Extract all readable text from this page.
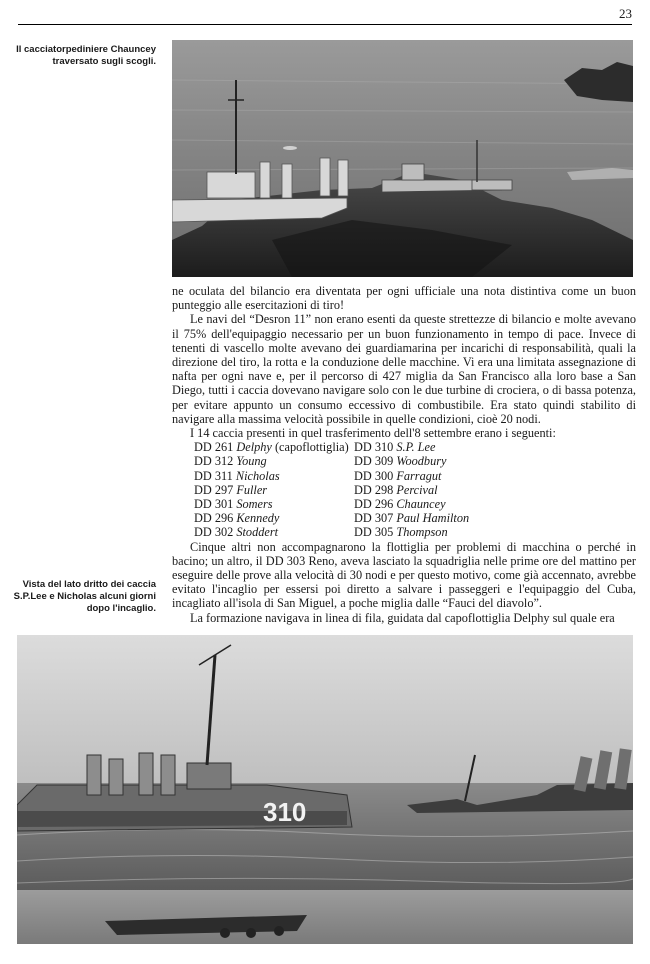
23
Il cacciatorpediniere Chauncey traversato sugli scogli.

ne oculata del bilancio era diventata per ogni ufficiale una nota distintiva come un buon punteggio alle esercitazioni di tiro!

Le navi del “Desron 11” non erano esenti da queste strettezze di bilancio e molte avevano il 75% dell'equipaggio necessario per un buon funzionamento in tempo di pace. Invece di tenenti di vascello molte avevano dei guardiamarina per incarichi di responsabilità, quali la direzione del tiro, la rotta e la conduzione delle macchine. Vi era una limitata assegnazione di nafta per ogni nave e, per il percorso di 427 miglia da San Francisco alla loro base a San Diego, tutti i caccia dovevano navigare solo con le due turbine di crociera, o di bassa potenza, per evitare appunto un consumo eccessivo di combustibile. Era stato quindi stabilito di navigare alla massima velocità possibile in quelle condizioni, cioè 20 nodi.

I 14 caccia presenti in quel trasferimento dell'8 settembre erano i seguenti:

DD 261 Delphy (capoflottiglia) DD 310 S.P. Lee
DD 312 Young	DD 309 Woodbury
DD 311 Nicholas	DD 300 Farragut
DD 297 Fuller	DD 298 Percival
DD 301 Somers	DD 296 Chauncey
DD 296 Kennedy	DD 307 Paul Hamilton
DD 302 Stoddert	DD 305 Thompson

Cinque altri non accompagnarono la flottiglia per problemi di macchina o perché in bacino; un altro, il DD 303 Reno, aveva lasciato la squadriglia nelle prime ore del mattino per eseguire delle prove alla velocità di 30 nodi e per questo motivo, come già accennato, avrebbe evitato l'incaglio per essersi poi diretto a salvare i passeggeri e l'equipaggio del Cuba, incagliato all'isola di San Miguel, a poche miglia dalle “Fauci del diavolo”.

La formazione navigava in linea di fila, guidata dal capoflottiglia Delphy sul quale era

Vista del lato dritto dei caccia S.P.Lee e Nicholas alcuni giorni dopo l'incaglio.
310
